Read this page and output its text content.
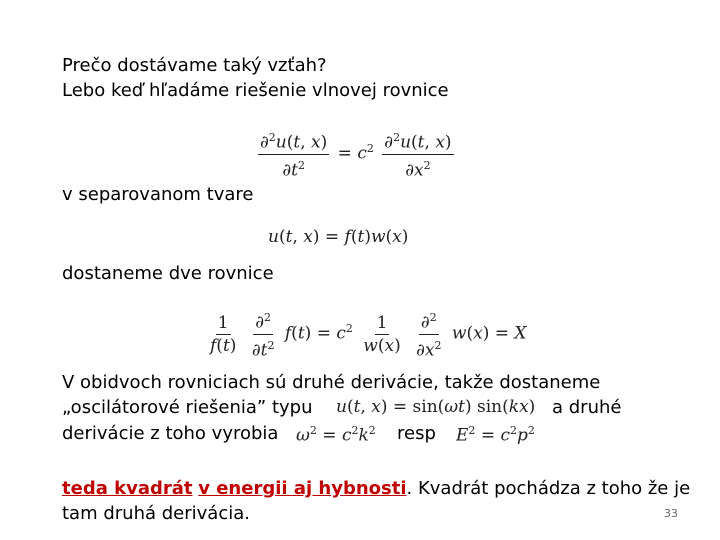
Prečo dostávame taký vzťah?
Lebo keď hľadáme riešenie vlnovej rovnice
$\frac{\partial^2u(t, x)}{\partial t^2} = c^2 \frac{\partial^2u(t, x)}{\partial x^2}$
v separovanom tvare
u(t, x) = f(t)w(x)
dostaneme dve rovnice
$\frac{1}{f(t)}$
$\frac{\partial^2}{\partial t^2} f(t) = c^2 \frac{1}{w(x)}$
$\frac{\partial^2}{\partial x^2} w(x) = X$
V obidvoch rovniciach sú druhé derivácie, takže dostaneme
„oscilátorové riešenia” typu u(t, x) = sin(ωt) sin(kx) a druhé
derivácie z toho vyrobia $\omega^2 = c^2k^2$ resp $E^2 = c^2p^2$
teda kvadrát v energii aj hybnosti. Kvadrát pochádza z toho že je
tam druhá derivácia.	33
